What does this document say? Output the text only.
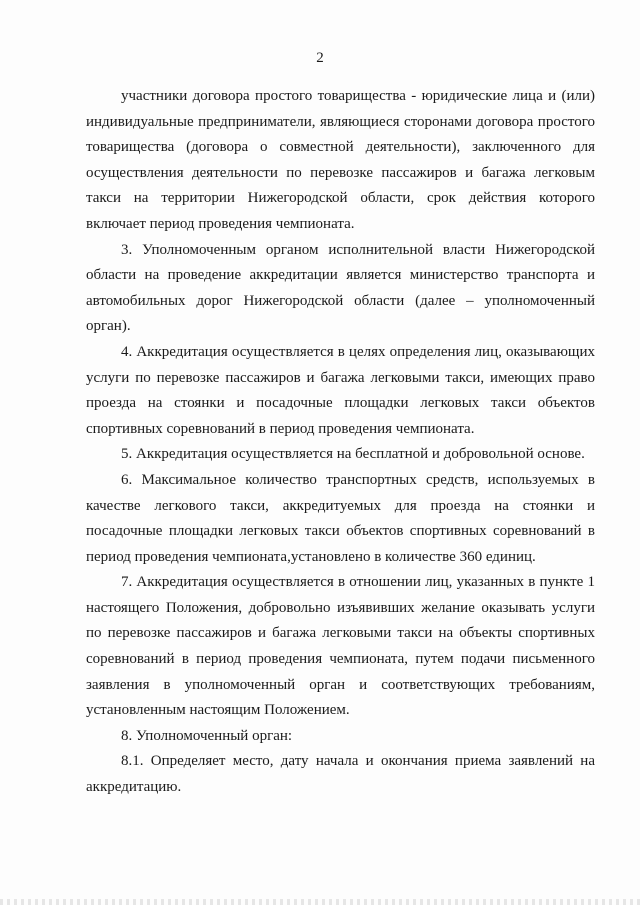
2

участники договора простого товарищества - юридические лица и (или) индивидуальные предприниматели, являющиеся сторонами договора простого товарищества (договора о совместной деятельности), заключенного для осуществления деятельности по перевозке пассажиров и багажа легковым такси на территории Нижегородской области, срок действия которого включает период проведения чемпионата.

3. Уполномоченным органом исполнительной власти Нижегородской области на проведение аккредитации является министерство транспорта и автомобильных дорог Нижегородской области (далее – уполномоченный орган).

4. Аккредитация осуществляется в целях определения лиц, оказывающих услуги по перевозке пассажиров и багажа легковыми такси, имеющих право проезда на стоянки и посадочные площадки легковых такси объектов спортивных соревнований в период проведения чемпионата.

5. Аккредитация осуществляется на бесплатной и добровольной основе.

6. Максимальное количество транспортных средств, используемых в качестве легкового такси, аккредитуемых для проезда на стоянки и посадочные площадки легковых такси объектов спортивных соревнований в период проведения чемпионата,установлено в количестве 360 единиц.

7. Аккредитация осуществляется в отношении лиц, указанных в пункте 1 настоящего Положения, добровольно изъявивших желание оказывать услуги по перевозке пассажиров и багажа легковыми такси на объекты спортивных соревнований в период проведения чемпионата, путем подачи письменного заявления в уполномоченный орган и соответствующих требованиям, установленным настоящим Положением.

8. Уполномоченный орган:

8.1. Определяет место, дату начала и окончания приема заявлений на аккредитацию.
